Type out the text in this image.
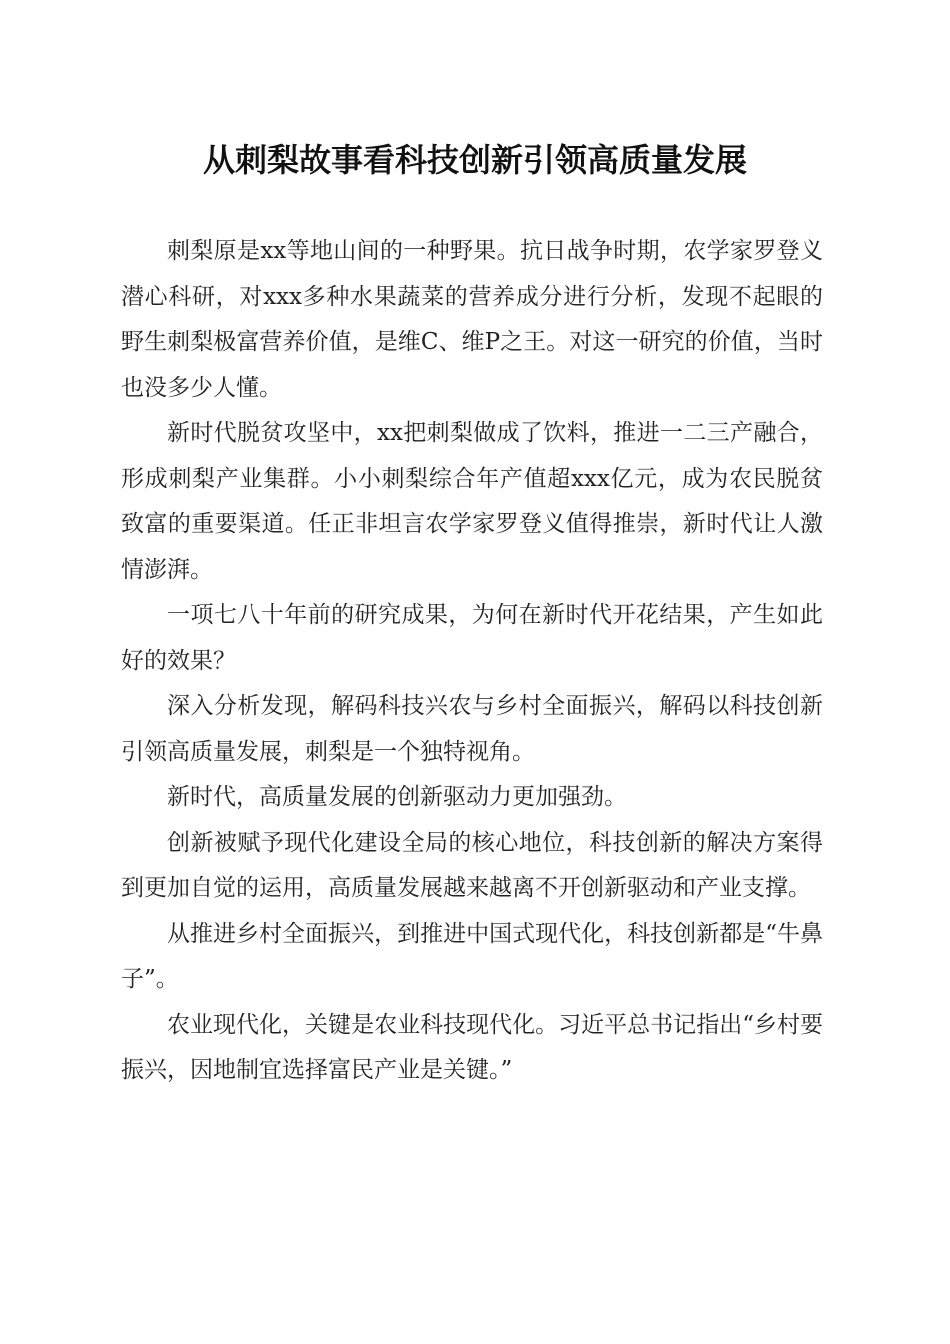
从刺梨故事看科技创新引领高质量发展

刺梨原是xx等地山间的一种野果。抗日战争时期，农学家罗登义潜心科研，对xxx多种水果蔬菜的营养成分进行分析，发现不起眼的野生刺梨极富营养价值，是维C、维P之王。对这一研究的价值，当时也没多少人懂。

新时代脱贫攻坚中，xx把刺梨做成了饮料，推进一二三产融合，形成刺梨产业集群。小小刺梨综合年产值超xxx亿元，成为农民脱贫致富的重要渠道。任正非坦言农学家罗登义值得推崇，新时代让人激情澎湃。

一项七八十年前的研究成果，为何在新时代开花结果，产生如此好的效果？

深入分析发现，解码科技兴农与乡村全面振兴，解码以科技创新引领高质量发展，刺梨是一个独特视角。

新时代，高质量发展的创新驱动力更加强劲。

创新被赋予现代化建设全局的核心地位，科技创新的解决方案得到更加自觉的运用，高质量发展越来越离不开创新驱动和产业支撑。

从推进乡村全面振兴，到推进中国式现代化，科技创新都是“牛鼻子”。

农业现代化，关键是农业科技现代化。习近平总书记指出“乡村要振兴，因地制宜选择富民产业是关键。”
